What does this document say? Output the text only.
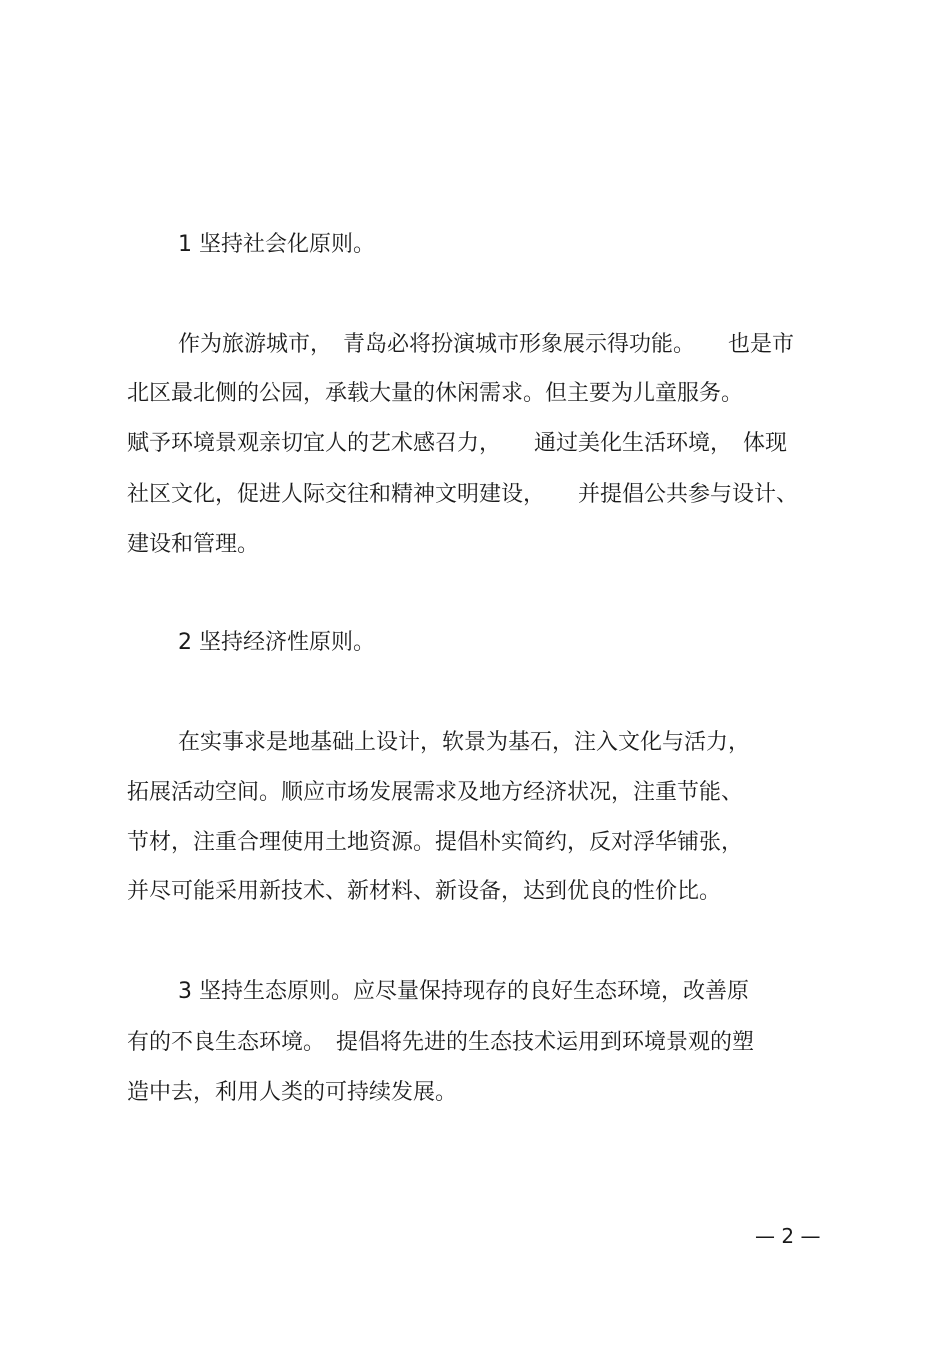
1 坚持社会化原则。

作为旅游城市，　青岛必将扮演城市形象展示得功能。　　也是市

北区最北侧的公园，承载大量的休闲需求。但主要为儿童服务。

赋予环境景观亲切宜人的艺术感召力，　　通过美化生活环境，　体现

社区文化，促进人际交往和精神文明建设，　　并提倡公共参与设计、

建设和管理。

2 坚持经济性原则。

在实事求是地基础上设计，软景为基石，注入文化与活力，

拓展活动空间。顺应市场发展需求及地方经济状况，注重节能、

节材，注重合理使用土地资源。提倡朴实简约，反对浮华铺张，

并尽可能采用新技术、新材料、新设备，达到优良的性价比。

3 坚持生态原则。应尽量保持现存的良好生态环境，改善原

有的不良生态环境。　提倡将先进的生态技术运用到环境景观的塑

造中去，利用人类的可持续发展。

— 2 —
